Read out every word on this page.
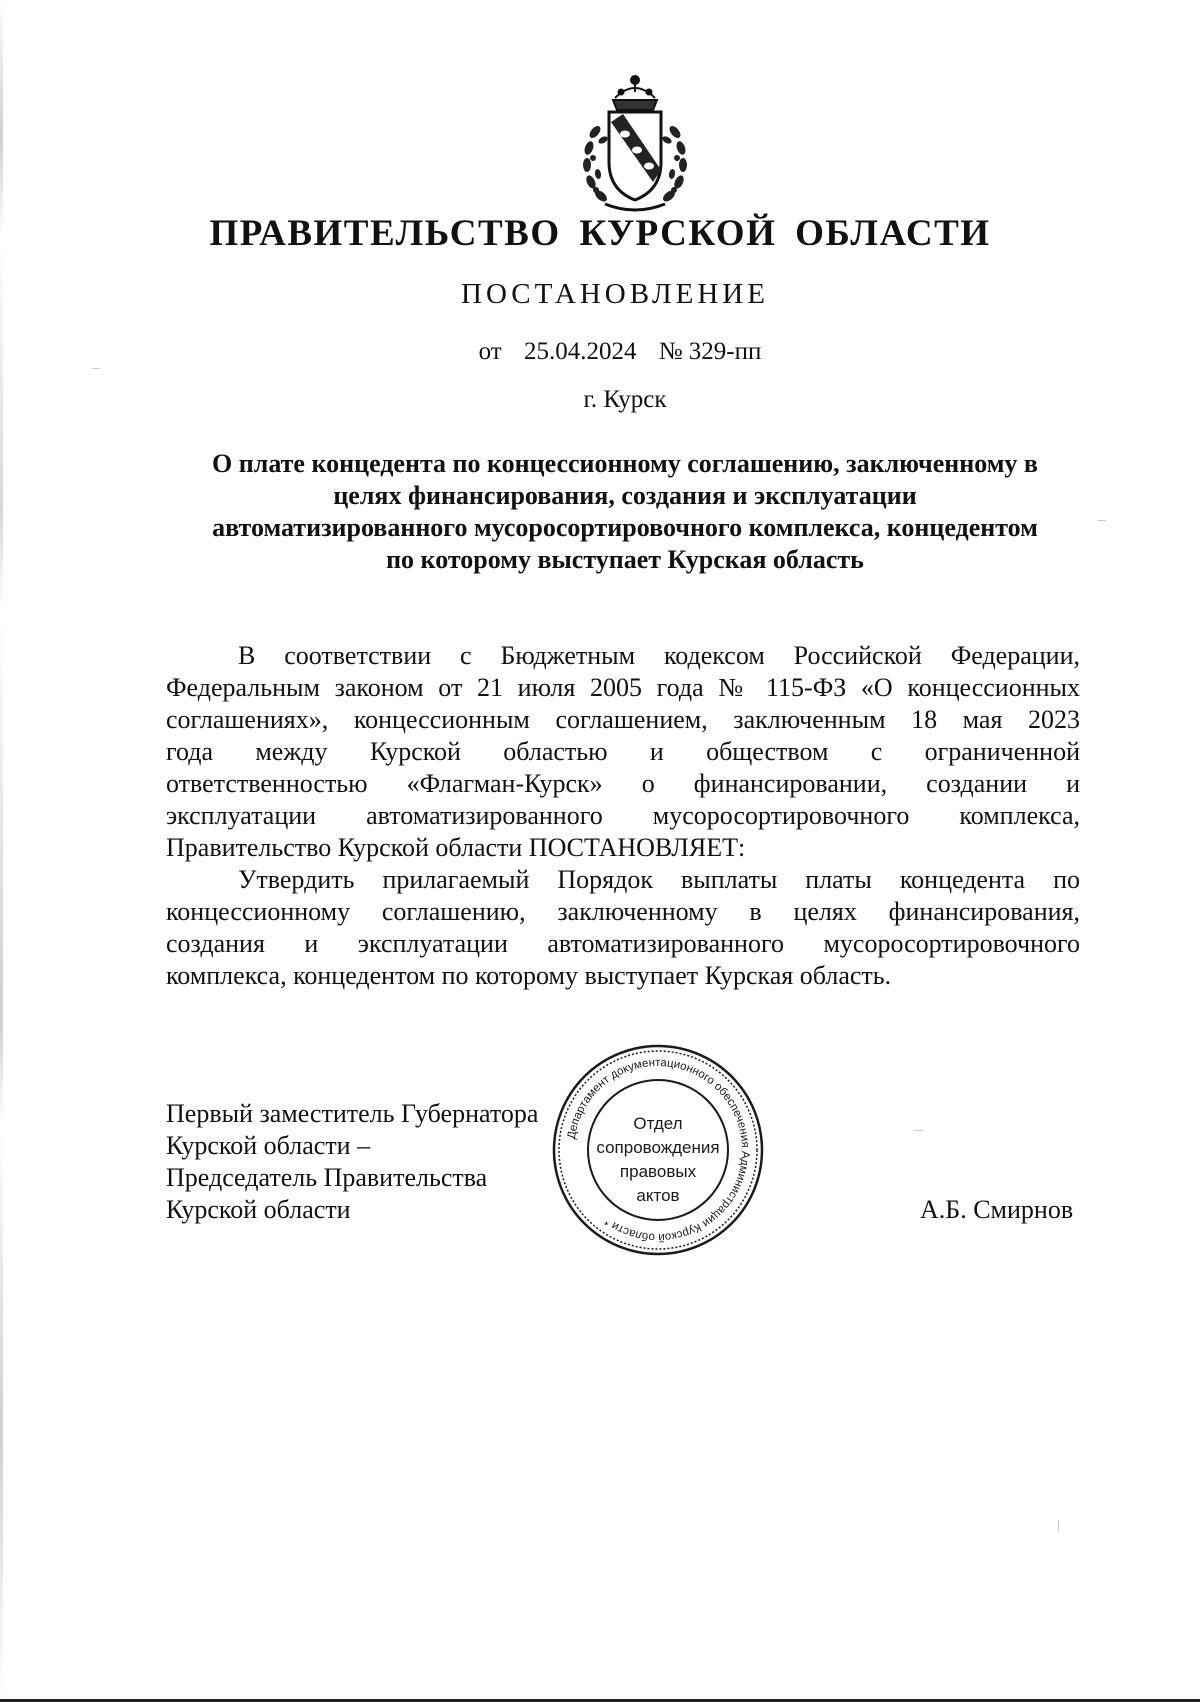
ПРАВИТЕЛЬСТВО КУРСКОЙ ОБЛАСТИ
ПОСТАНОВЛЕНИЕ
от 25.04.2024 № 329-пп
г. Курск
О плате концедента по концессионному соглашению, заключенному в
целях финансирования, создания и эксплуатации
автоматизированного мусоросортировочного комплекса, концедентом
по которому выступает Курская область
В соответствии с Бюджетным кодексом Российской Федерации,
Федеральным законом от 21 июля 2005 года № 115-ФЗ «О концессионных
соглашениях», концессионным соглашением, заключенным 18 мая 2023
года между Курской областью и обществом с ограниченной
ответственностью «Флагман-Курск» о финансировании, создании и
эксплуатации автоматизированного мусоросортировочного комплекса,
Правительство Курской области ПОСТАНОВЛЯЕТ:
Утвердить прилагаемый Порядок выплаты платы концедента по
концессионному соглашению, заключенному в целях финансирования,
создания и эксплуатации автоматизированного мусоросортировочного
комплекса, концедентом по которому выступает Курская область.
Первый заместитель Губернатора
Курской области –
Председатель Правительства
Курской области	А.Б. Смирнов
Департамент документационного обеспечения Администрации Курской области *
Отдел
сопровождения
правовых
актов
